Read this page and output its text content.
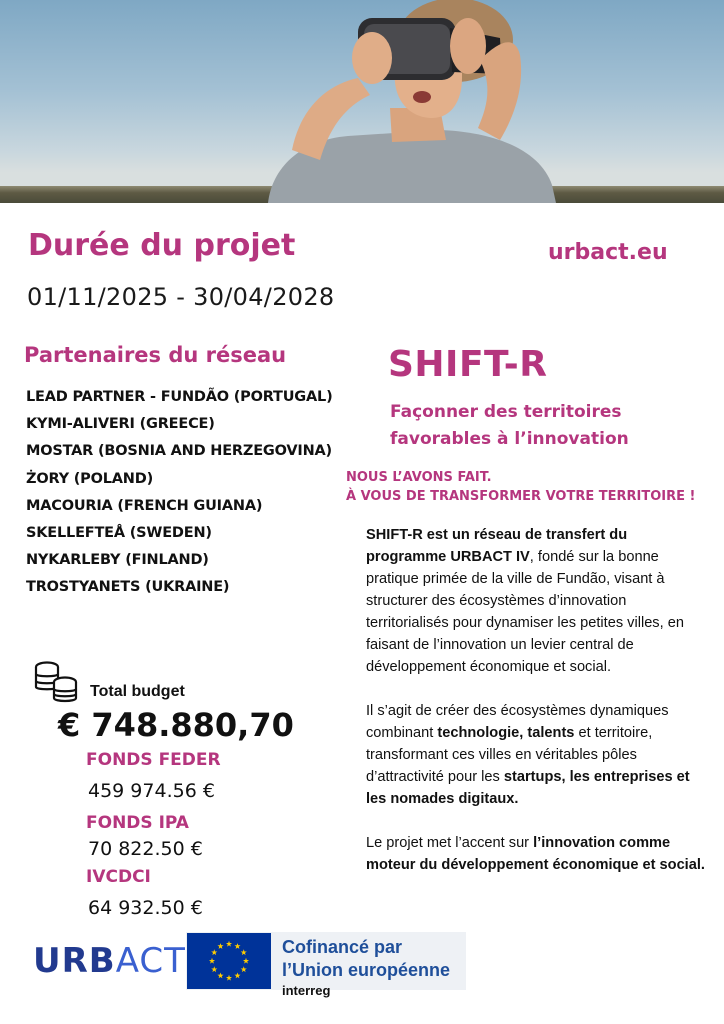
Durée du projet
01/11/2025 - 30/04/2028
urbact.eu
Partenaires du réseau
LEAD PARTNER - FUNDÃO (PORTUGAL)
KYMI-ALIVERI (GREECE)
MOSTAR (BOSNIA AND HERZEGOVINA)
ŻORY (POLAND)
MACOURIA (FRENCH GUIANA)
SKELLEFTEÅ (SWEDEN)
NYKARLEBY (FINLAND)
TROSTYANETS (UKRAINE)
SHIFT-R
Façonner des territoires
favorables à l’innovation
NOUS L’AVONS FAIT.
À VOUS DE TRANSFORMER VOTRE TERRITOIRE !

SHIFT-R est un réseau de transfert du programme URBACT IV, fondé sur la bonne pratique primée de la ville de Fundão, visant à structurer des écosystèmes d’innovation territorialisés pour dynamiser les petites villes, en faisant de l’innovation un levier central de développement économique et social.

Il s’agit de créer des écosystèmes dynamiques combinant technologie, talents et territoire, transformant ces villes en véritables pôles d’attractivité pour les startups, les entreprises et les nomades digitaux.

Le projet met l’accent sur l’innovation comme moteur du développement économique et social.

Total budget
€ 748.880,70
FONDS FEDER
459 974.56 €
FONDS IPA
70 822.50 €
IVCDCI
64 932.50 €
URBACT	Cofinancé par
l’Union européenne
interreg
